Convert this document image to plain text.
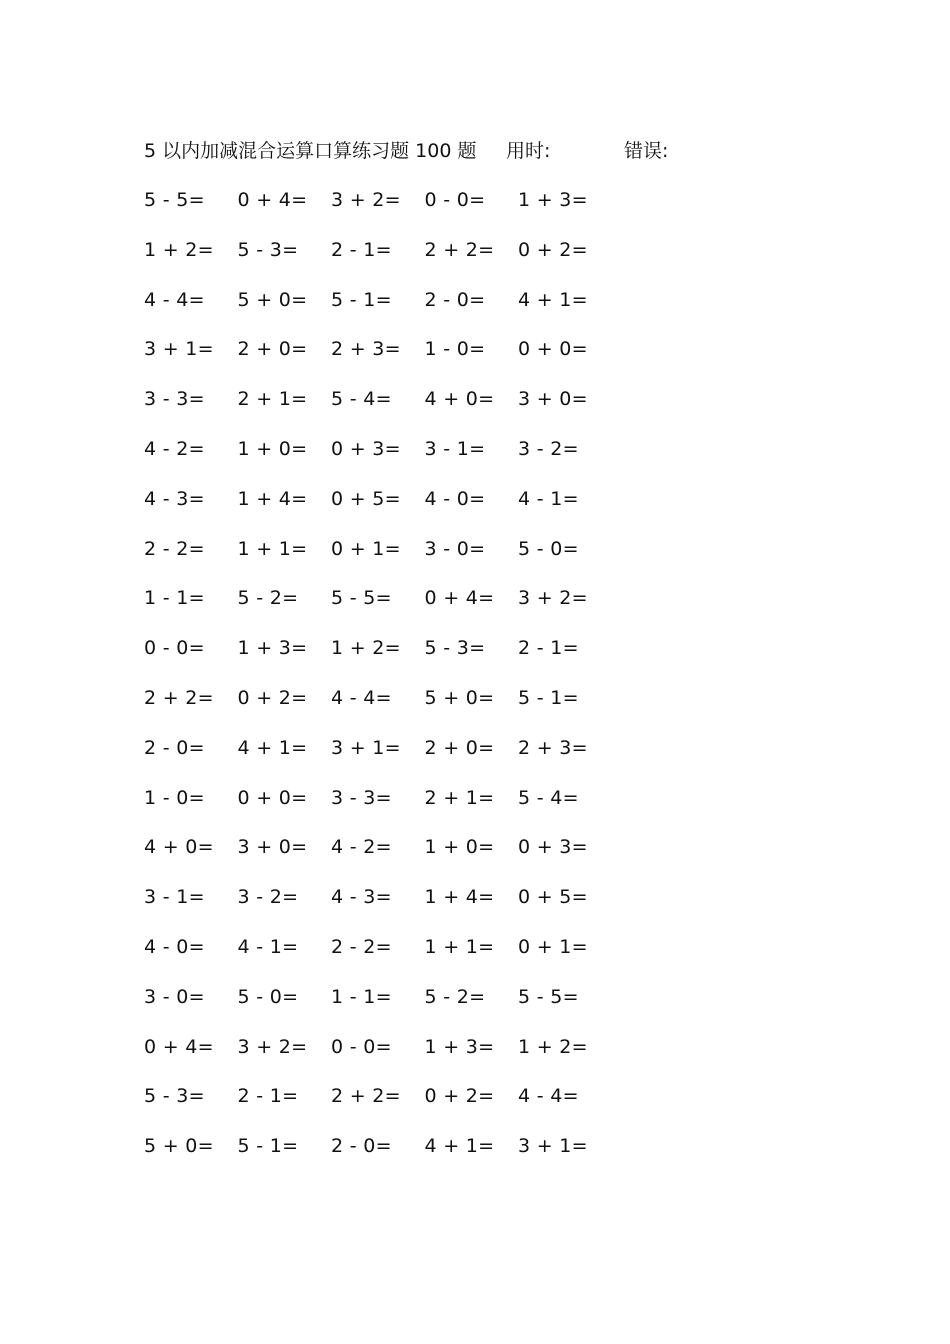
5 以内加减混合运算口算练习题 100 题 用时:	错误:
5 - 5= 0 + 4= 3 + 2= 0 - 0= 1 + 3=
1 + 2= 5 - 3= 2 - 1= 2 + 2= 0 + 2=
4 - 4= 5 + 0= 5 - 1= 2 - 0= 4 + 1=
3 + 1= 2 + 0= 2 + 3= 1 - 0= 0 + 0=
3 - 3= 2 + 1= 5 - 4= 4 + 0= 3 + 0=
4 - 2= 1 + 0= 0 + 3= 3 - 1= 3 - 2=
4 - 3= 1 + 4= 0 + 5= 4 - 0= 4 - 1=
2 - 2= 1 + 1= 0 + 1= 3 - 0= 5 - 0=
1 - 1= 5 - 2= 5 - 5= 0 + 4= 3 + 2=
0 - 0= 1 + 3= 1 + 2= 5 - 3= 2 - 1=
2 + 2= 0 + 2= 4 - 4= 5 + 0= 5 - 1=
2 - 0= 4 + 1= 3 + 1= 2 + 0= 2 + 3=
1 - 0= 0 + 0= 3 - 3= 2 + 1= 5 - 4=
4 + 0= 3 + 0= 4 - 2= 1 + 0= 0 + 3=
3 - 1= 3 - 2= 4 - 3= 1 + 4= 0 + 5=
4 - 0= 4 - 1= 2 - 2= 1 + 1= 0 + 1=
3 - 0= 5 - 0= 1 - 1= 5 - 2= 5 - 5=
0 + 4= 3 + 2= 0 - 0= 1 + 3= 1 + 2=
5 - 3= 2 - 1= 2 + 2= 0 + 2= 4 - 4=
5 + 0= 5 - 1= 2 - 0= 4 + 1= 3 + 1=
